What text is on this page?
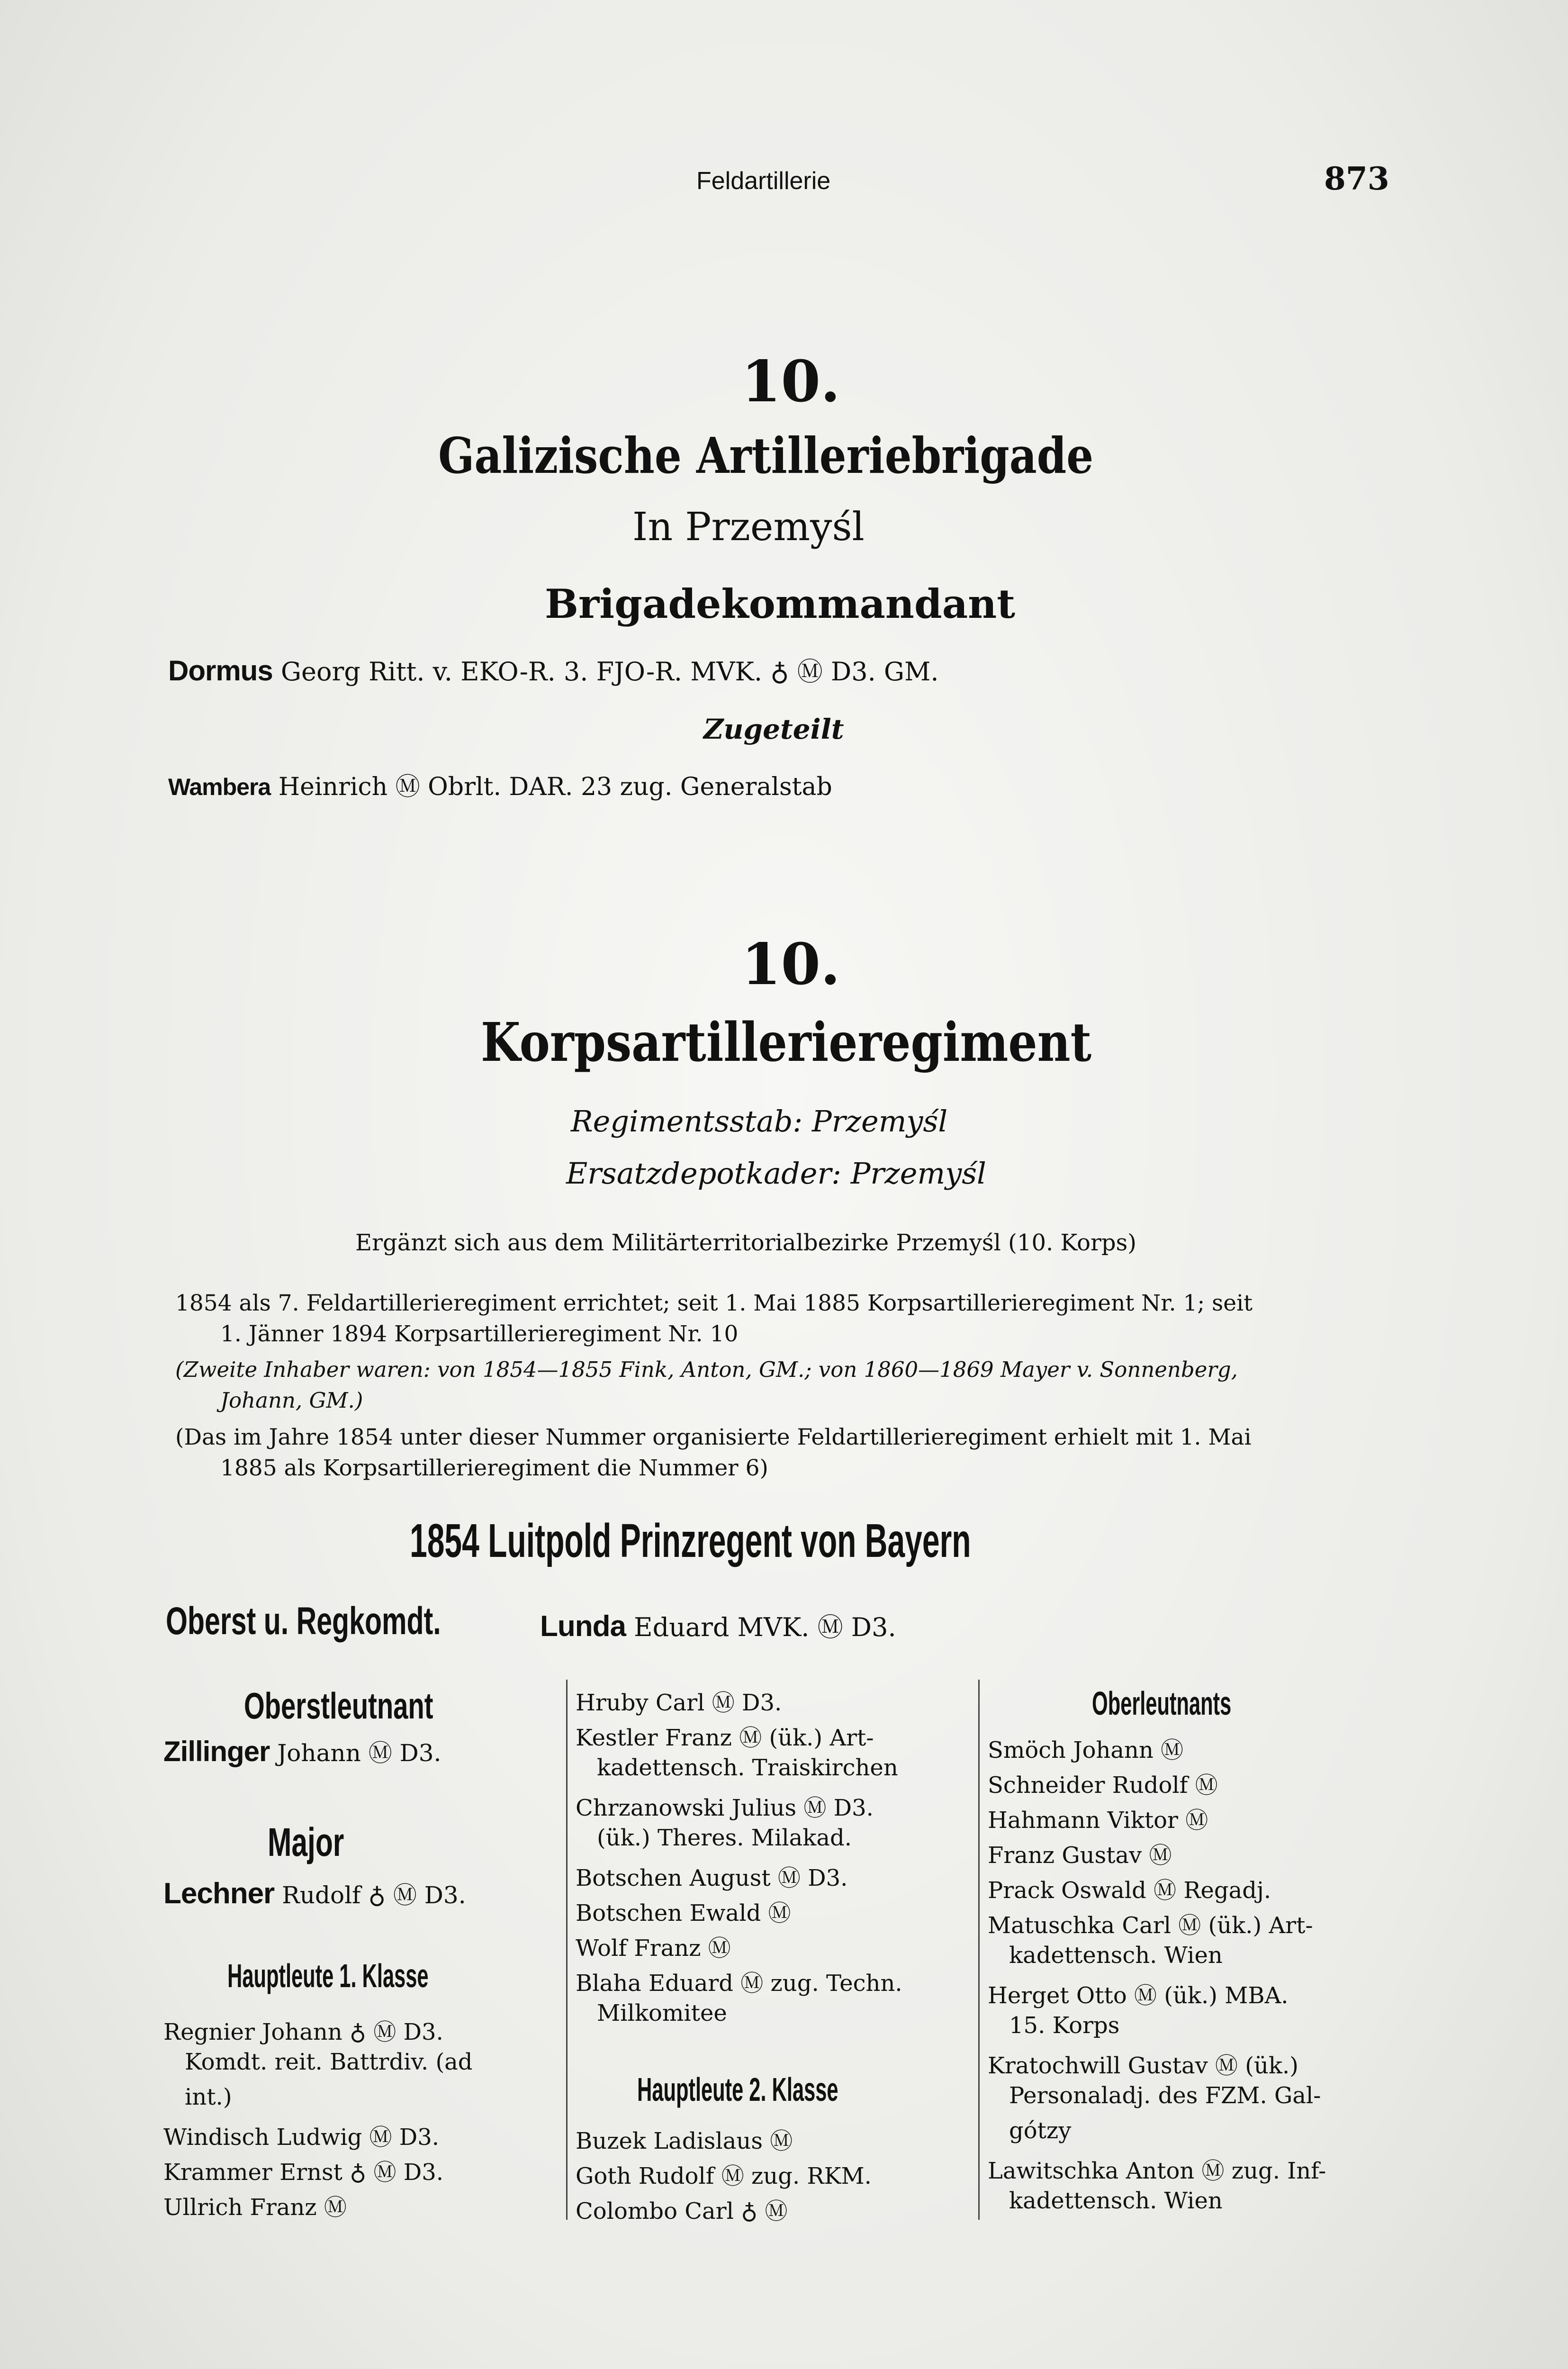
Feldartillerie	873
10.
Galizische Artilleriebrigade
In Przemyśl
Brigadekommandant
Dormus Georg Ritt. v. EKO-R. 3. FJO-R. MVK. ♁ Ⓜ D3. GM.
Zugeteilt
Wambera Heinrich Ⓜ Obrlt. DAR. 23 zug. Generalstab
10.
Korpsartillerieregiment
Regimentsstab: Przemyśl
Ersatzdepotkader: Przemyśl
Ergänzt sich aus dem Militärterritorialbezirke Przemyśl (10. Korps)
1854 als 7. Feldartillerieregiment errichtet; seit 1. Mai 1885 Korpsartillerieregiment Nr. 1; seit
1. Jänner 1894 Korpsartillerieregiment Nr. 10
(Zweite Inhaber waren: von 1854—1855 Fink, Anton, GM.; von 1860—1869 Mayer v. Sonnenberg,
Johann, GM.)
(Das im Jahre 1854 unter dieser Nummer organisierte Feldartillerieregiment erhielt mit 1. Mai
1885 als Korpsartillerieregiment die Nummer 6)
1854 Luitpold Prinzregent von Bayern
Oberst u. Regkomdt.	Lunda Eduard MVK. Ⓜ D3.
Oberstleutnant
Zillinger Johann Ⓜ D3.
Major
Lechner Rudolf ♁ Ⓜ D3.
Hauptleute 1. Klasse
Regnier Johann ♁ Ⓜ D3.
Komdt. reit. Battrdiv. (ad
int.)
Windisch Ludwig Ⓜ D3.
Krammer Ernst ♁ Ⓜ D3.
Ullrich Franz Ⓜ
Hruby Carl Ⓜ D3.
Kestler Franz Ⓜ (ük.) Art-
kadettensch. Traiskirchen
Chrzanowski Julius Ⓜ D3.
(ük.) Theres. Milakad.
Botschen August Ⓜ D3.
Botschen Ewald Ⓜ
Wolf Franz Ⓜ
Blaha Eduard Ⓜ zug. Techn.
Milkomitee
Hauptleute 2. Klasse
Buzek Ladislaus Ⓜ
Goth Rudolf Ⓜ zug. RKM.
Colombo Carl ♁ Ⓜ
Oberleutnants
Smöch Johann Ⓜ
Schneider Rudolf Ⓜ
Hahmann Viktor Ⓜ
Franz Gustav Ⓜ
Prack Oswald Ⓜ Regadj.
Matuschka Carl Ⓜ (ük.) Art-
kadettensch. Wien
Herget Otto Ⓜ (ük.) MBA.
15. Korps
Kratochwill Gustav Ⓜ (ük.)
Personaladj. des FZM. Gal-
gótzy
Lawitschka Anton Ⓜ zug. Inf-
kadettensch. Wien
